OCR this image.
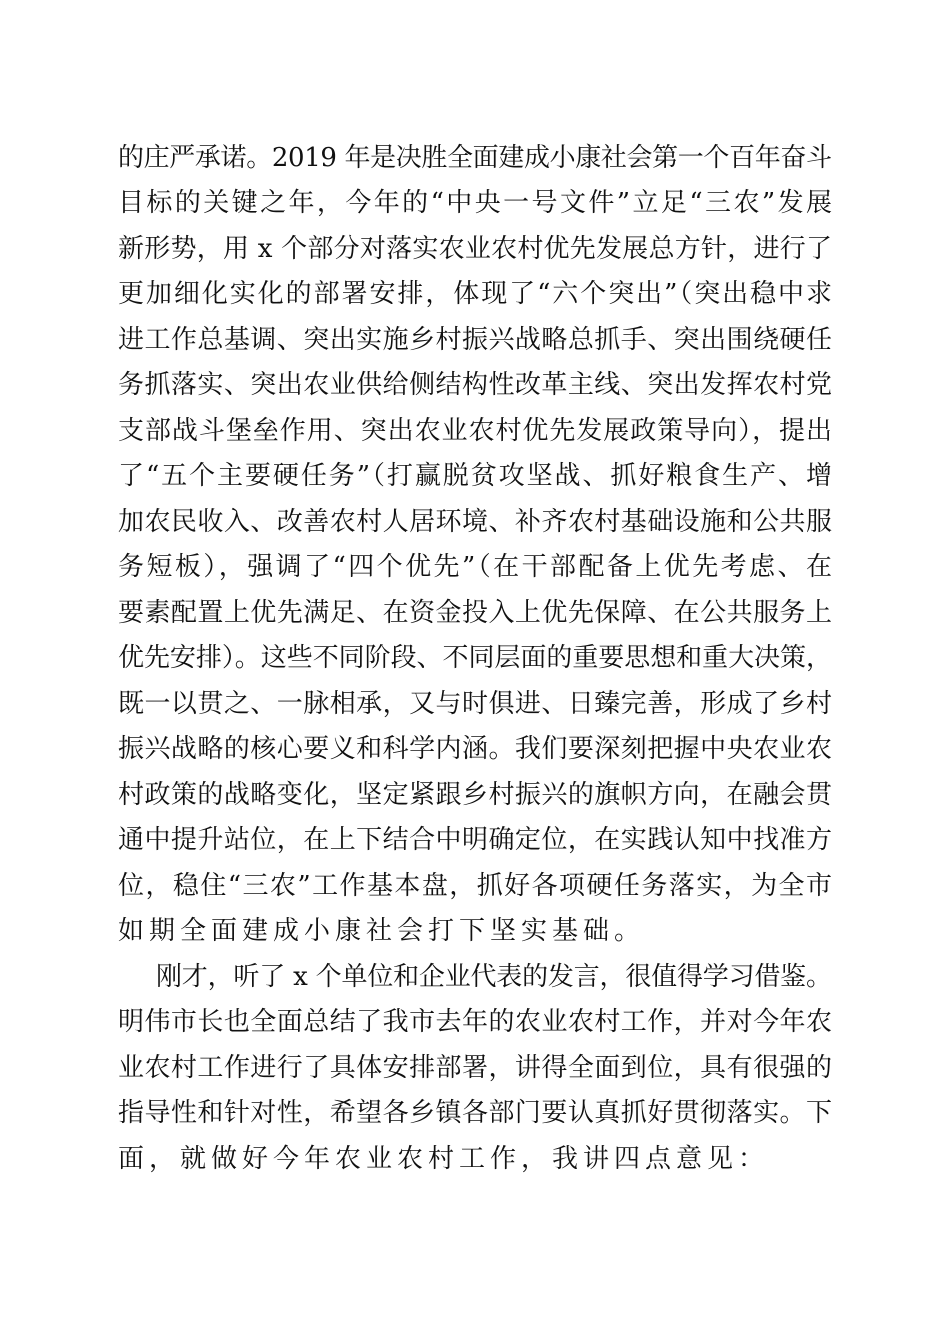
的庄严承诺。2019 年是决胜全面建成小康社会第一个百年奋斗
目标的关键之年，今年的“中央一号文件”立足“三农”发展
新形势，用 x 个部分对落实农业农村优先发展总方针，进行了
更加细化实化的部署安排，体现了“六个突出”（突出稳中求
进工作总基调、突出实施乡村振兴战略总抓手、突出围绕硬任
务抓落实、突出农业供给侧结构性改革主线、突出发挥农村党
支部战斗堡垒作用、突出农业农村优先发展政策导向），提出
了“五个主要硬任务”（打赢脱贫攻坚战、抓好粮食生产、增
加农民收入、改善农村人居环境、补齐农村基础设施和公共服
务短板），强调了“四个优先”（在干部配备上优先考虑、在
要素配置上优先满足、在资金投入上优先保障、在公共服务上
优先安排）。这些不同阶段、不同层面的重要思想和重大决策，
既一以贯之、一脉相承，又与时俱进、日臻完善，形成了乡村
振兴战略的核心要义和科学内涵。我们要深刻把握中央农业农
村政策的战略变化，坚定紧跟乡村振兴的旗帜方向，在融会贯
通中提升站位，在上下结合中明确定位，在实践认知中找准方
位，稳住“三农”工作基本盘，抓好各项硬任务落实，为全市
如期全面建成小康社会打下坚实基础。
刚才，听了 x 个单位和企业代表的发言，很值得学习借鉴。
明伟市长也全面总结了我市去年的农业农村工作，并对今年农
业农村工作进行了具体安排部署，讲得全面到位，具有很强的
指导性和针对性，希望各乡镇各部门要认真抓好贯彻落实。下
面，就做好今年农业农村工作，我讲四点意见：
